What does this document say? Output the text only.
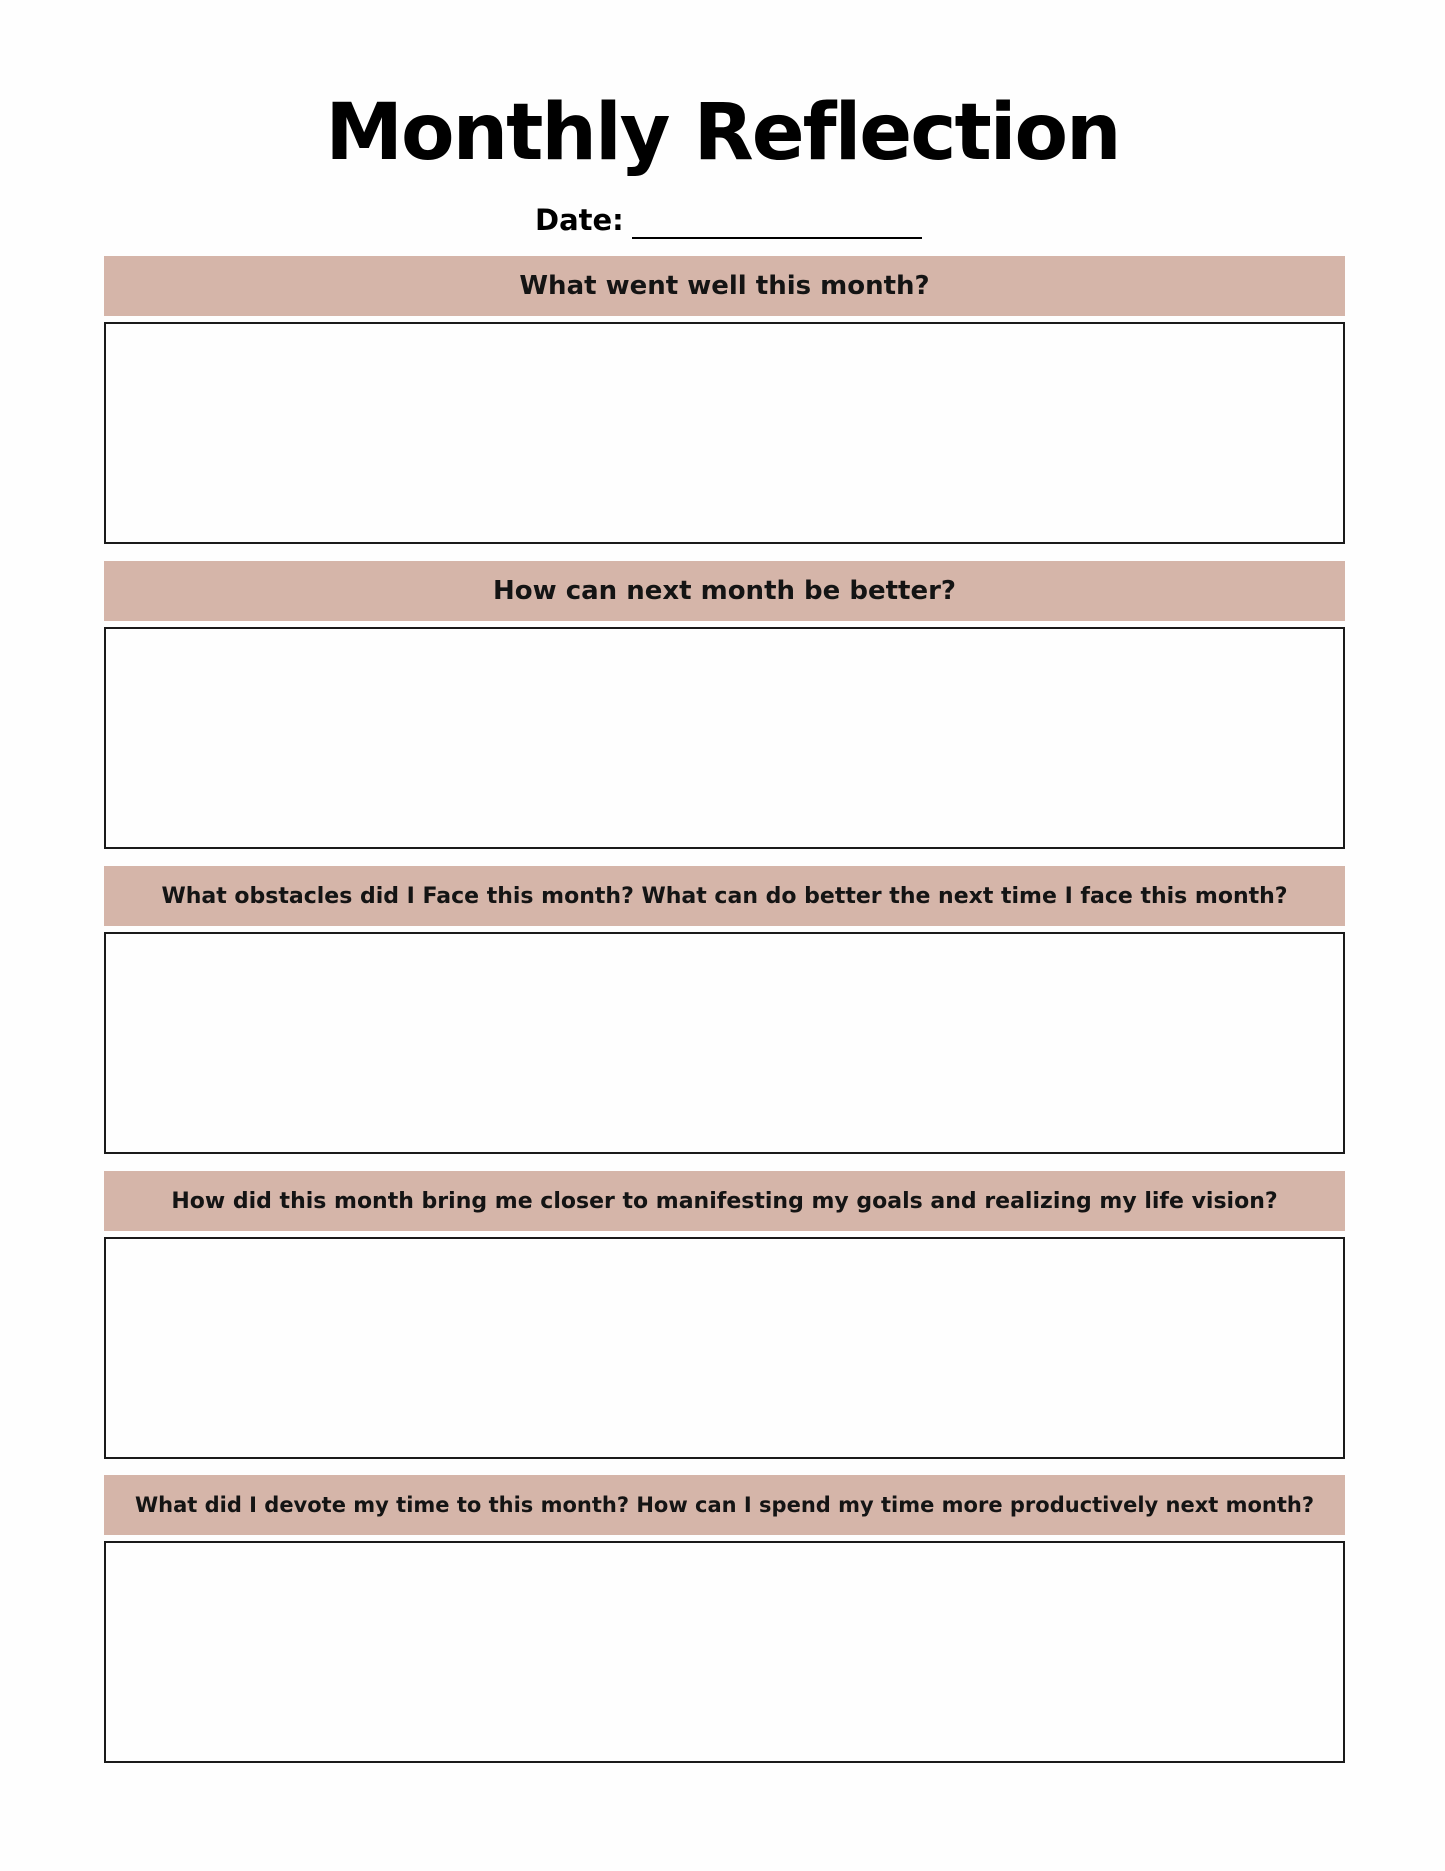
Monthly Reflection
Date:
What went well this month?
How can next month be better?
What obstacles did I Face this month? What can do better the next time I face this month?
How did this month bring me closer to manifesting my goals and realizing my life vision?
What did I devote my time to this month? How can I spend my time more productively next month?
